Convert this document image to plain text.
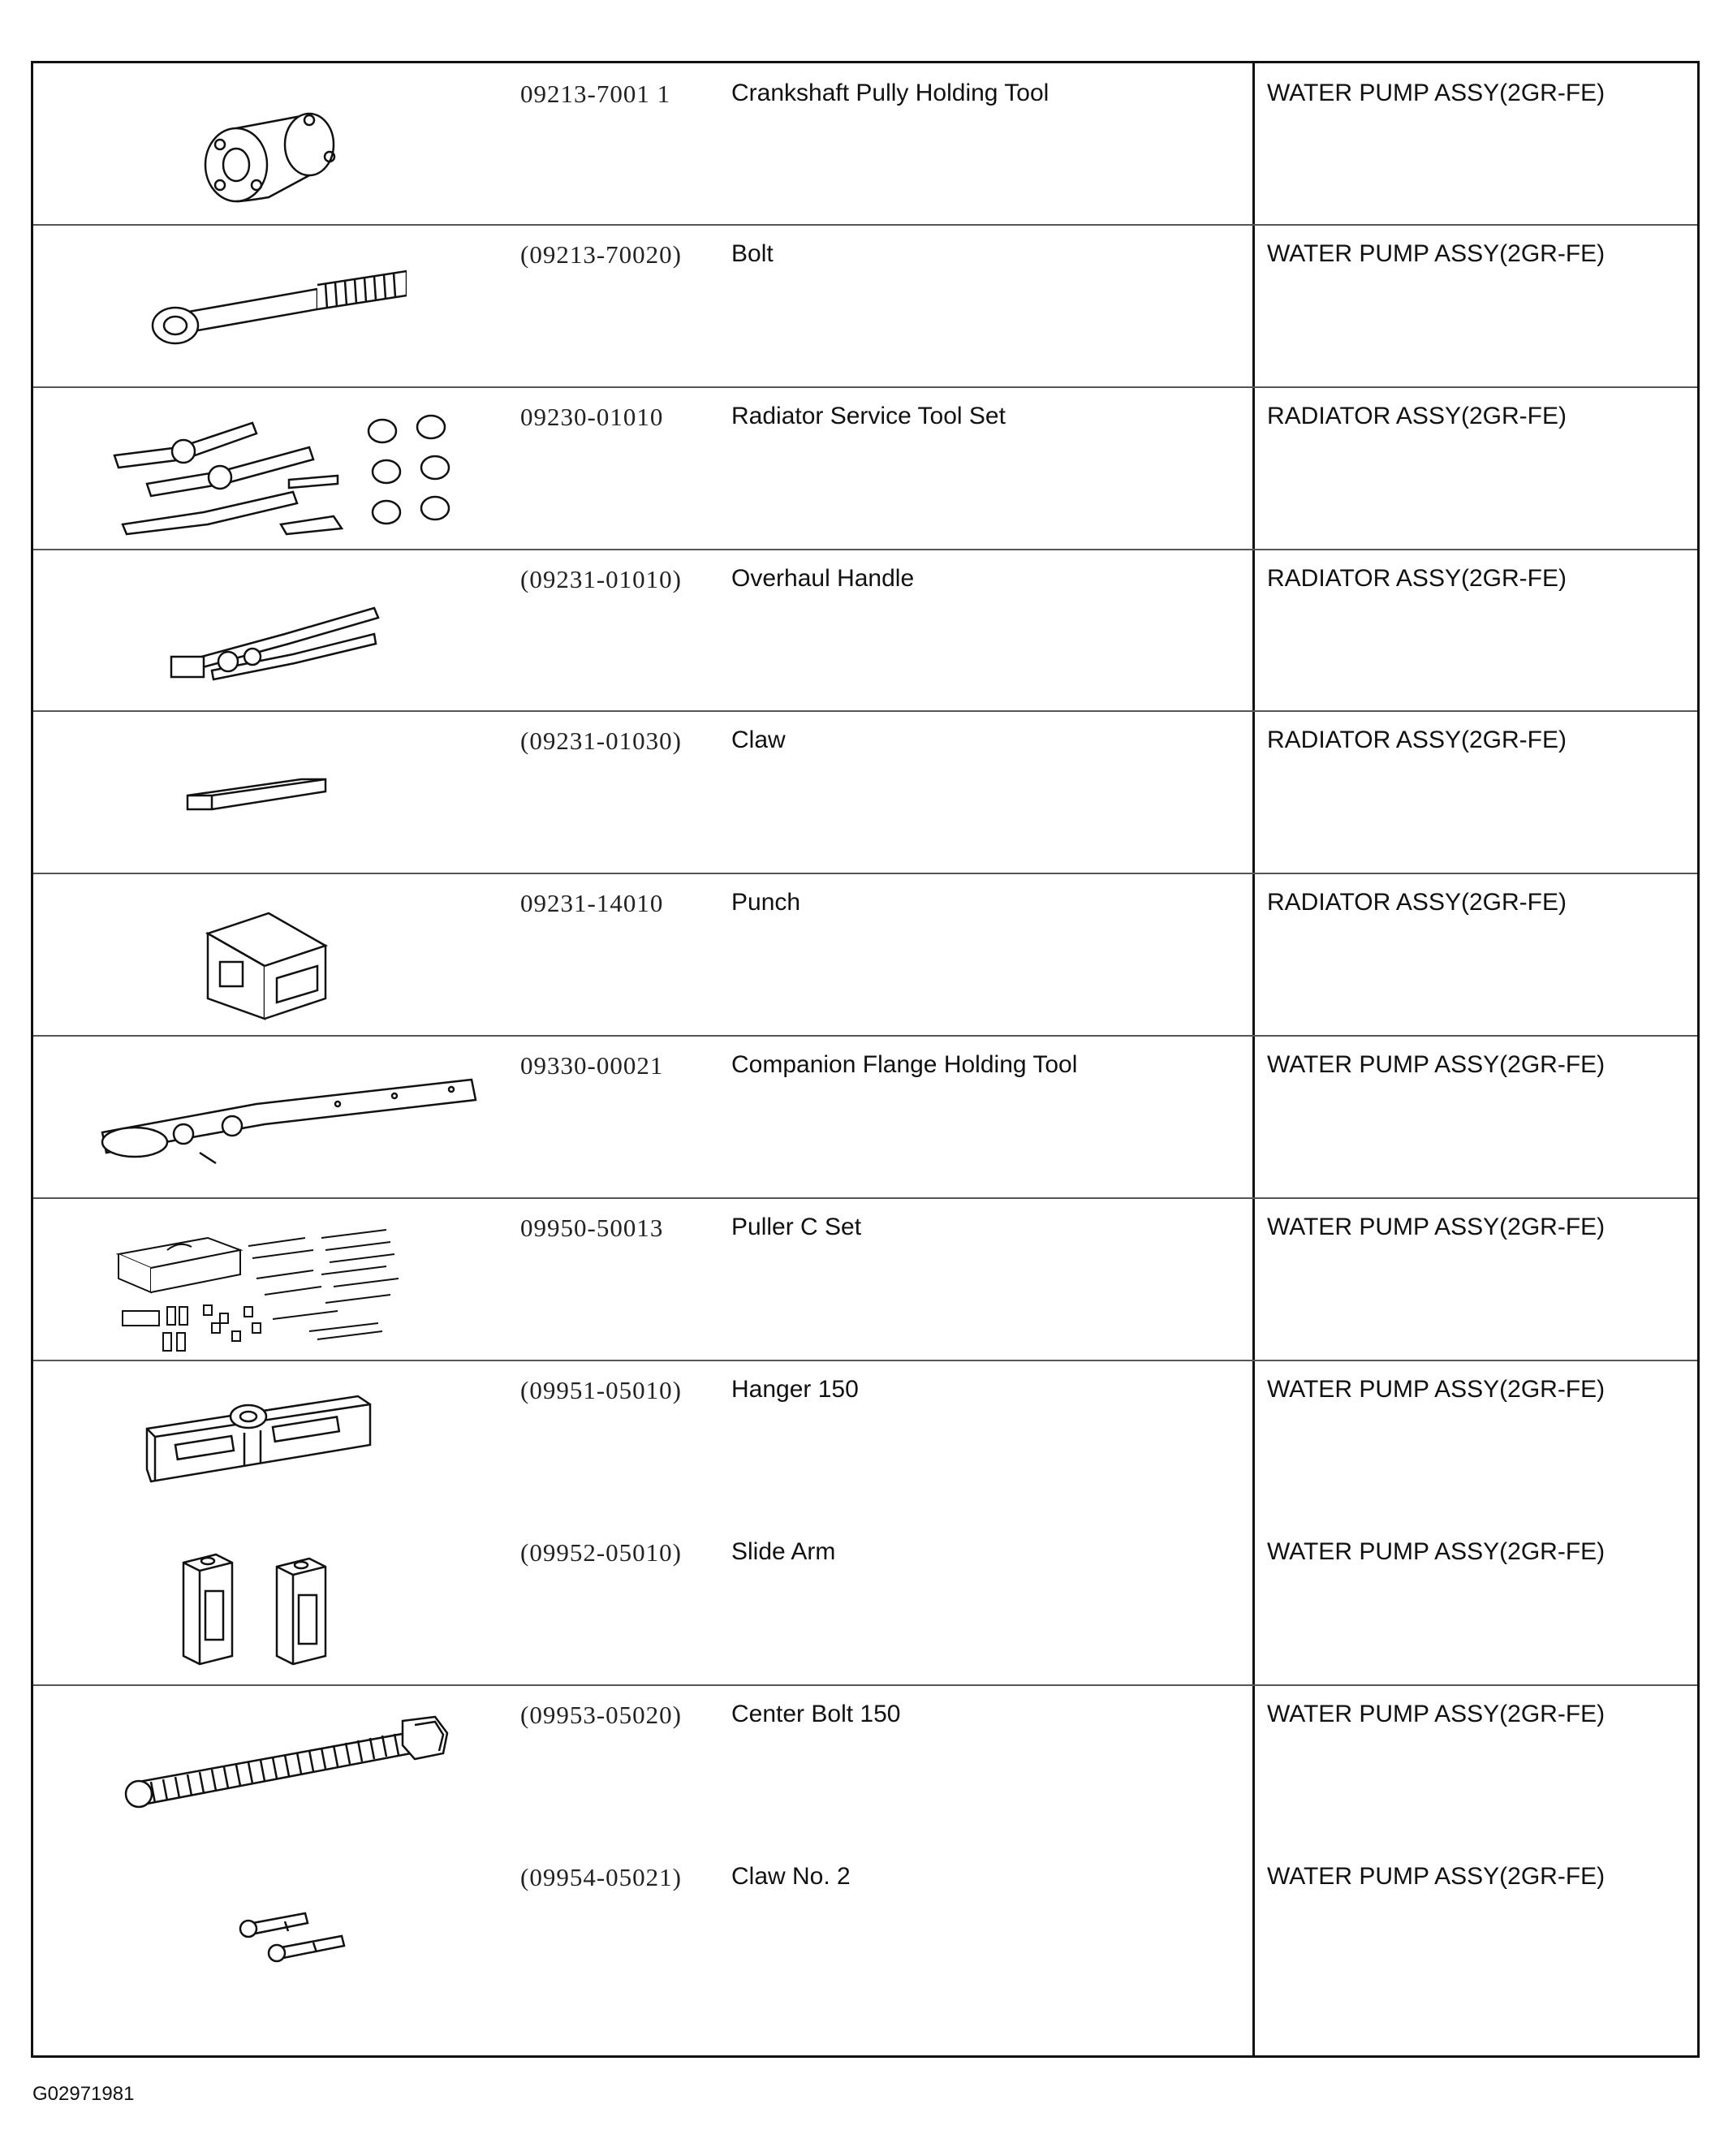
09213-7001 1 Crankshaft Pully Holding Tool	WATER PUMP ASSY(2GR-FE)
(09213-70020) Bolt	WATER PUMP ASSY(2GR-FE)
09230-01010	Radiator Service Tool Set	RADIATOR ASSY(2GR-FE)
(09231-01010) Overhaul Handle	RADIATOR ASSY(2GR-FE)
(09231-01030) Claw	RADIATOR ASSY(2GR-FE)
09231-14010	Punch	RADIATOR ASSY(2GR-FE)
09330-00021	Companion Flange Holding Tool	WATER PUMP ASSY(2GR-FE)
09950-50013	Puller C Set	WATER PUMP ASSY(2GR-FE)
(09951-05010) Hanger 150	WATER PUMP ASSY(2GR-FE)
(09952-05010) Slide Arm	WATER PUMP ASSY(2GR-FE)
(09953-05020) Center Bolt 150	WATER PUMP ASSY(2GR-FE)
(09954-05021) Claw No. 2	WATER PUMP ASSY(2GR-FE)
G02971981
